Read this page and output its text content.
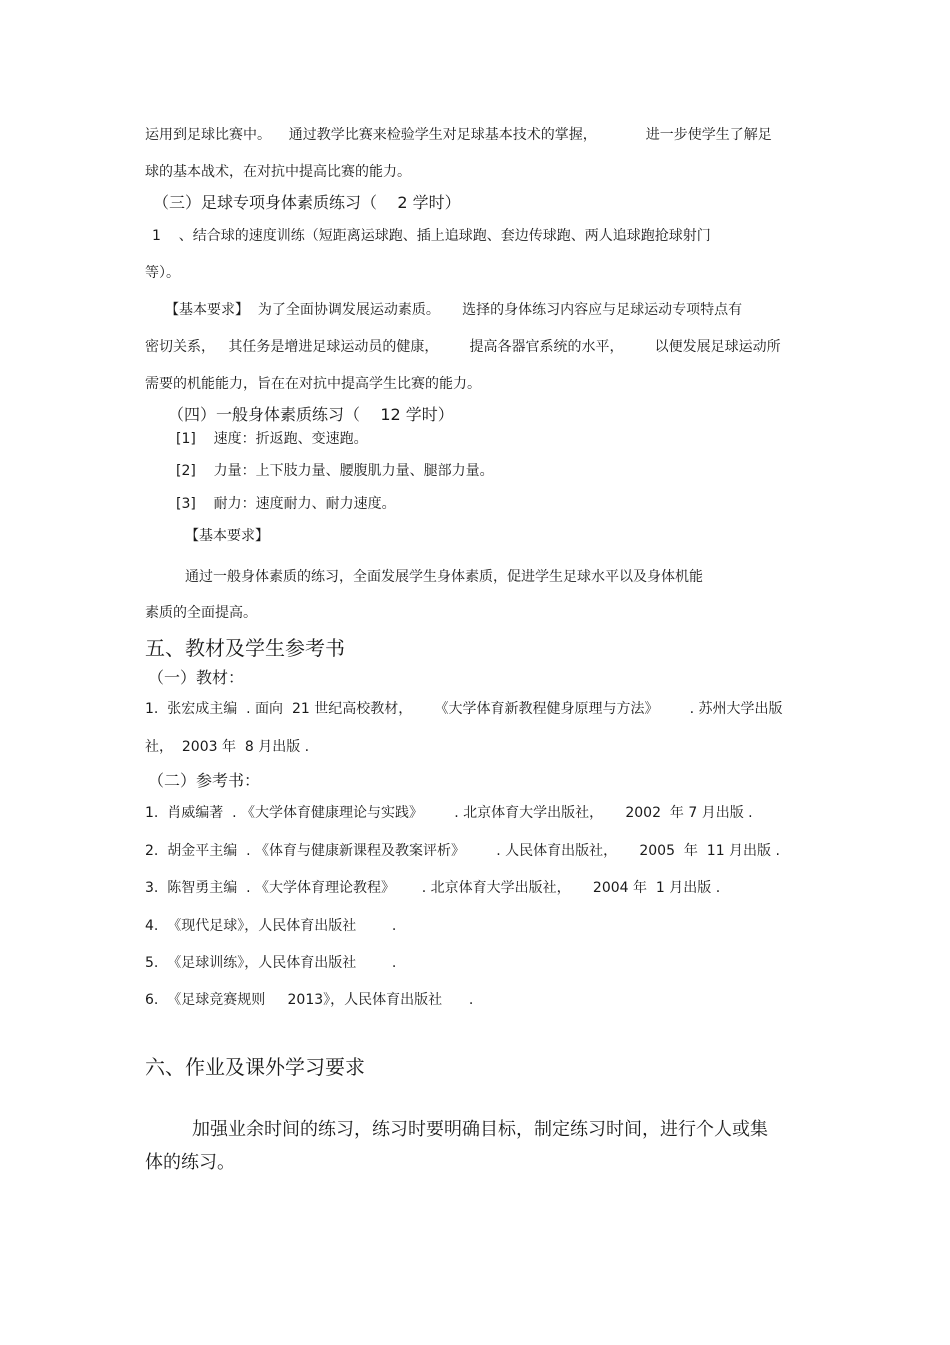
运用到足球比赛中。    通过教学比赛来检验学生对足球基本技术的掌握，           进一步使学生了解足
球的基本战术，在对抗中提高比赛的能力。
（三）足球专项身体素质练习（    2 学时）
1    、结合球的速度训练（短距离运球跑、插上追球跑、套边传球跑、两人追球跑抢球射门
等）。
【基本要求】  为了全面协调发展运动素质。     选择的身体练习内容应与足球运动专项特点有
密切关系，   其任务是增进足球运动员的健康，       提高各器官系统的水平，       以便发展足球运动所
需要的机能能力，旨在在对抗中提高学生比赛的能力。
（四）一般身体素质练习（    12 学时）
[1]    速度：折返跑、变速跑。
[2]    力量：上下肢力量、腰腹肌力量、腿部力量。
[3]    耐力：速度耐力、耐力速度。
【基本要求】
通过一般身体素质的练习，全面发展学生身体素质，促进学生足球水平以及身体机能
素质的全面提高。
五、教材及学生参考书
（一）教材：
1.  张宏成主编  . 面向  21 世纪高校教材，     《大学体育新教程健身原理与方法》       . 苏州大学出版
社，  2003 年  8 月出版 .
（二）参考书：
1.  肖威编著  . 《大学体育健康理论与实践》       . 北京体育大学出版社，     2002  年 7 月出版 .
2.  胡金平主编  . 《体育与健康新课程及教案评析》       . 人民体育出版社，     2005  年  11 月出版 .
3.  陈智勇主编  . 《大学体育理论教程》      . 北京体育大学出版社，     2004 年  1 月出版 .
4.  《现代足球》，人民体育出版社        .
5.  《足球训练》，人民体育出版社        .
6.  《足球竞赛规则     2013》，人民体育出版社      .
六、作业及课外学习要求
加强业余时间的练习，练习时要明确目标，制定练习时间，进行个人或集
体的练习。
